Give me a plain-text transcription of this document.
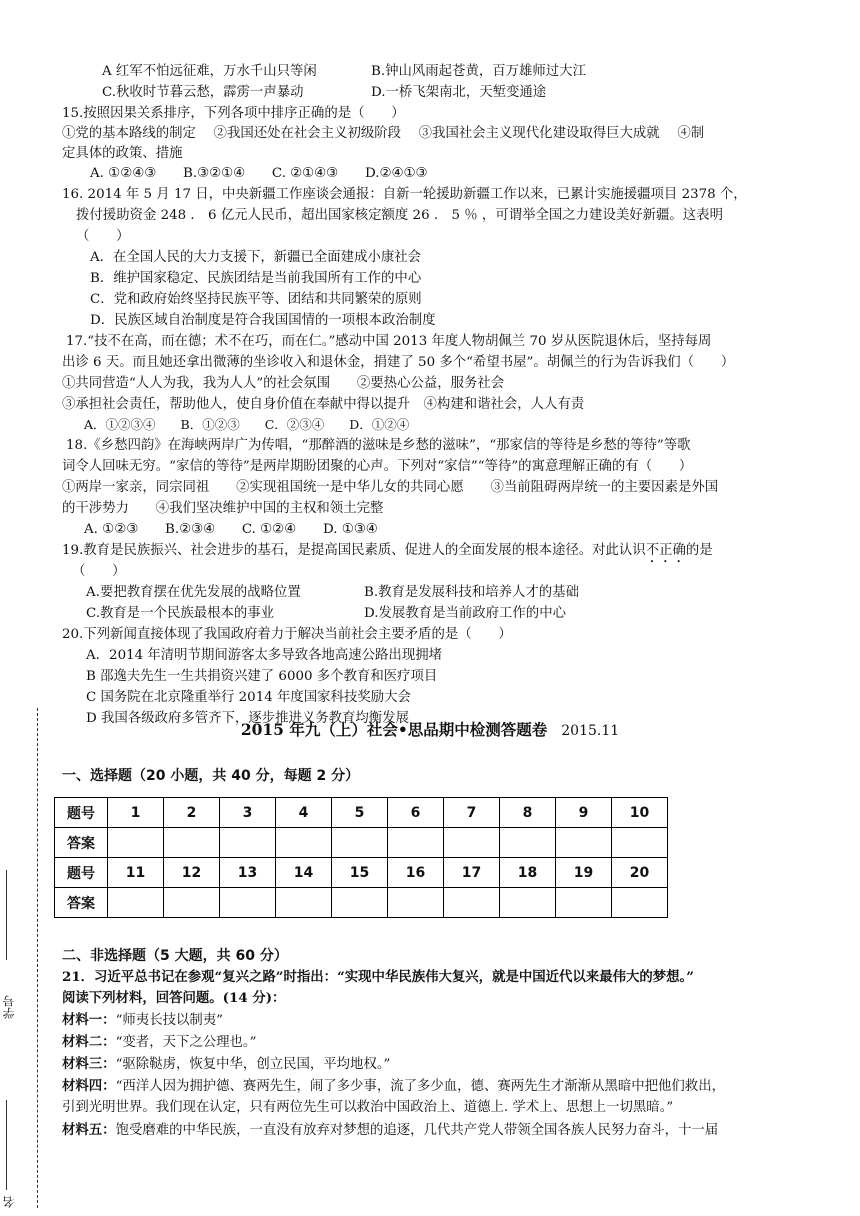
A 红军不怕远征难，万水千山只等闲	B.钟山风雨起苍黄，百万雄师过大江
C.秋收时节暮云愁，霹雳一声暴动	D.一桥飞架南北，天堑变通途
15.按照因果关系排序，下列各项中排序正确的是（　　）
①党的基本路线的制定　 ②我国还处在社会主义初级阶段　 ③我国社会主义现代化建设取得巨大成就　 ④制
定具体的政策、措施
A. ①②④③　　B.③②①④　　C. ②①④③　　D.②④①③
16. 2014 年 5 月 17 日，中央新疆工作座谈会通报：自新一轮援助新疆工作以来，已累计实施援疆项目 2378 个，
拨付援助资金 248 ． 6 亿元人民币，超出国家核定额度 26 ． 5 ％ ，可谓举全国之力建设美好新疆。这表明
（　　）
A．在全国人民的大力支援下，新疆已全面建成小康社会
B．维护国家稳定、民族团结是当前我国所有工作的中心
C．党和政府始终坚持民族平等、团结和共同繁荣的原则
D．民族区域自治制度是符合我国国情的一项根本政治制度
17.“技不在高，而在德；术不在巧，而在仁。”感动中国 2013 年度人物胡佩兰 70 岁从医院退休后，坚持每周
出诊 6 天。而且她还拿出微薄的坐诊收入和退休金，捐建了 50 多个“希望书屋”。胡佩兰的行为告诉我们（　　）
①共同营造“人人为我，我为人人”的社会氛围　　②要热心公益，服务社会
③承担社会责任，帮助他人，使自身价值在奉献中得以提升　④构建和谐社会，人人有责
A．①②③④　　B．①②③　　C．②③④　　D．①②④
18.《乡愁四韵》在海峡两岸广为传唱，“那醉酒的滋味是乡愁的滋味”，“那家信的等待是乡愁的等待”等歌
词令人回味无穷。“家信的等待”是两岸期盼团聚的心声。下列对“家信”“等待”的寓意理解正确的有（　　）
①两岸一家亲，同宗同祖　　②实现祖国统一是中华儿女的共同心愿　　③当前阻碍两岸统一的主要因素是外国
的干涉势力　　④我们坚决维护中国的主权和领土完整
A. ①②③　　B.②③④　　C. ①②④　　D. ①③④
19.教育是民族振兴、社会进步的基石，是提高国民素质、促进人的全面发展的根本途径。对此认识不正确的是
（　　）
A.要把教育摆在优先发展的战略位置	B.教育是发展科技和培养人才的基础
C.教育是一个民族最根本的事业	D.发展教育是当前政府工作的中心
20.下列新闻直接体现了我国政府着力于解决当前社会主要矛盾的是（　　）
A．2014 年清明节期间游客太多导致各地高速公路出现拥堵
B 邵逸夫先生一生共捐资兴建了 6000 多个教育和医疗项目
C 国务院在北京隆重举行 2014 年度国家科技奖励大会
D 我国各级政府多管齐下，逐步推进义务教育均衡发展
学号
名
2015 年九（上）社会•思品期中检测答题卷 2015.11
一、选择题（20 小题，共 40 分，每题 2 分）
题号	1	2	3	4	5	6	7	8	9	10
答案										
题号	11	12	13	14	15	16	17	18	19	20
答案										
二、非选择题（5 大题，共 60 分）
21．习近平总书记在参观“复兴之路”时指出：“实现中华民族伟大复兴，就是中国近代以来最伟大的梦想。”
阅读下列材料，回答问题。(14 分)：
材料一：“师夷长技以制夷”
材料二：“变者，天下之公理也。”
材料三：“驱除鞑虏，恢复中华，创立民国，平均地权。”
材料四：“西洋人因为拥护德、赛两先生，闹了多少事，流了多少血，德、赛两先生才渐渐从黑暗中把他们救出，
引到光明世界。我们现在认定，只有两位先生可以救治中国政治上、道德上. 学术上、思想上一切黑暗。”
材料五：饱受磨难的中华民族，一直没有放弃对梦想的追逐，几代共产党人带领全国各族人民努力奋斗，十一届
